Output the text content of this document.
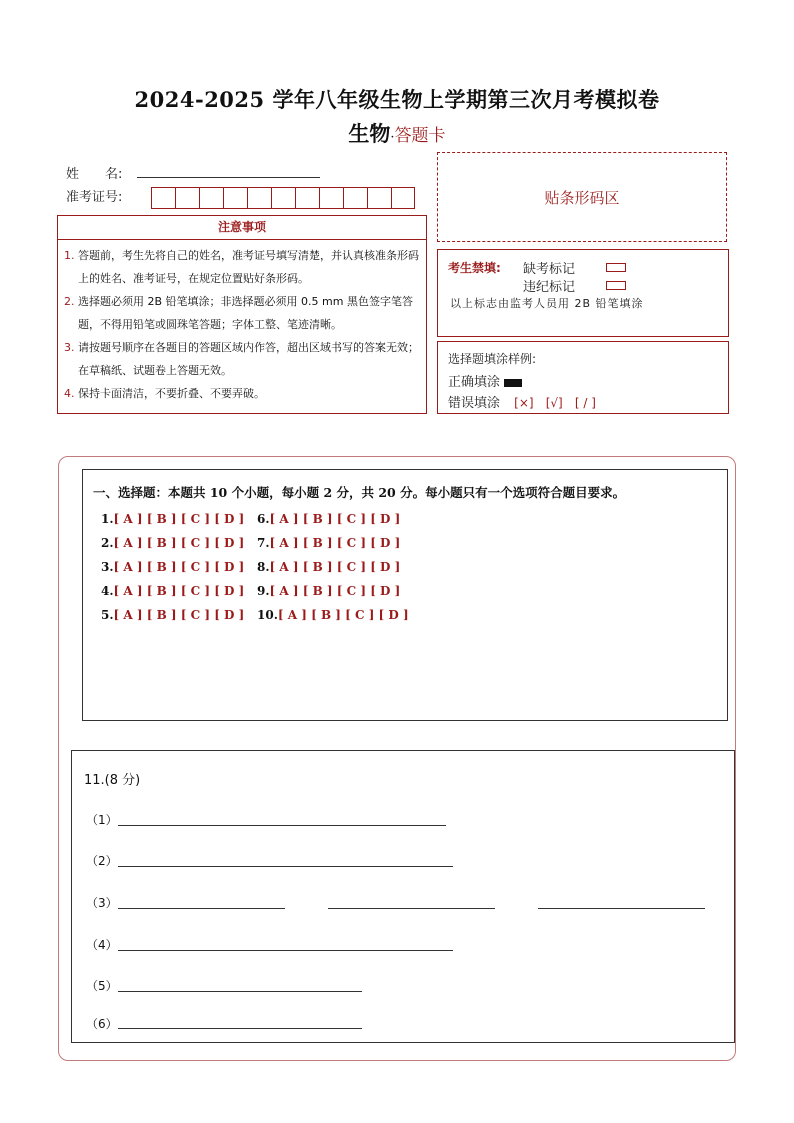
2024-2025 学年八年级生物上学期第三次月考模拟卷
生物·答题卡
姓　　名:
准考证号:	贴条形码区
注意事项
1. 答题前，考生先将自己的姓名，准考证号填写清楚，并认真核准条形码上的姓名、准考证号，在规定位置贴好条形码。
2. 选择题必须用 2B 铅笔填涂；非选择题必须用 0.5 mm 黑色签字笔答题，不得用铅笔或圆珠笔答题；字体工整、笔迹清晰。
3. 请按题号顺序在各题目的答题区域内作答，超出区域书写的答案无效；在草稿纸、试题卷上答题无效。
4. 保持卡面清洁，不要折叠、不要弄破。
考生禁填: 缺考标记
违纪标记
以上标志由监考人员用 2B 铅笔填涂
选择题填涂样例:
正确填涂
错误填涂 [×] [√] [ / ]
一、选择题：本题共 10 个小题，每小题 2 分，共 20 分。每小题只有一个选项符合题目要求。
1.[ A ] [ B ] [ C ] [ D ]
2.[ A ] [ B ] [ C ] [ D ]
3.[ A ] [ B ] [ C ] [ D ]
4.[ A ] [ B ] [ C ] [ D ]
5.[ A ] [ B ] [ C ] [ D ]
6.[ A ] [ B ] [ C ] [ D ]
7.[ A ] [ B ] [ C ] [ D ]
8.[ A ] [ B ] [ C ] [ D ]
9.[ A ] [ B ] [ C ] [ D ]
10.[ A ] [ B ] [ C ] [ D ]
11.(8 分)
（1）
（2）
（3）
（4）
（5）
（6）
